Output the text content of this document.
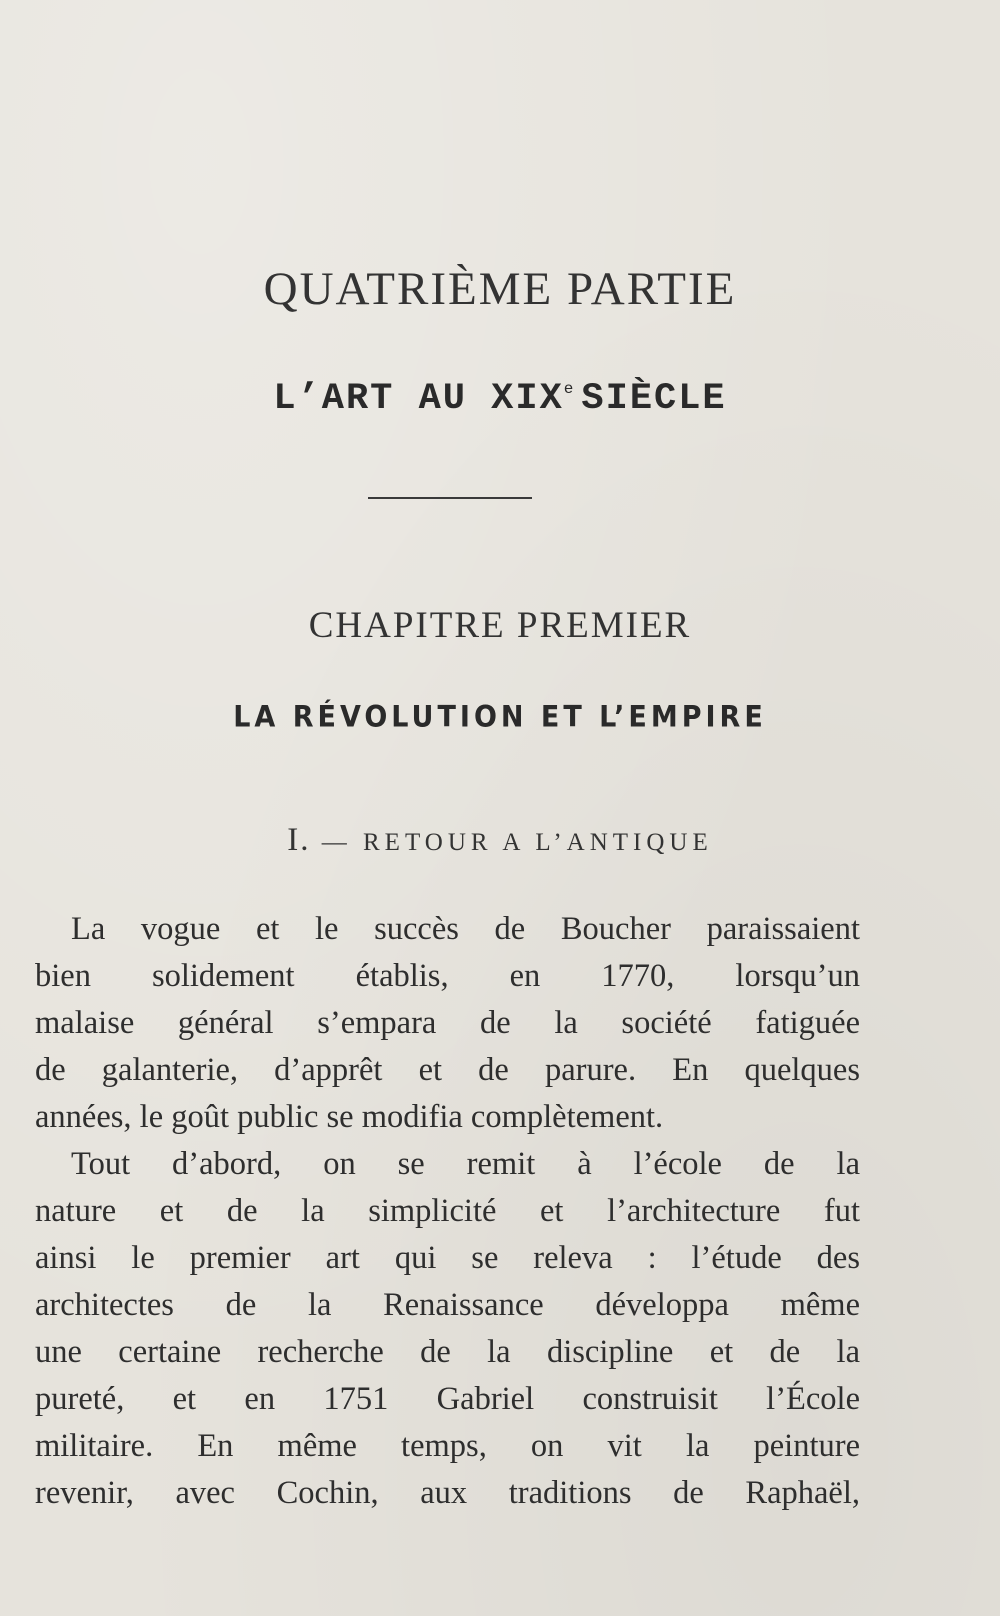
QUATRIÈME PARTIE
L’ART AU XIXe SIÈCLE
CHAPITRE PREMIER
LA RÉVOLUTION ET L’EMPIRE
I. — RETOUR A L’ANTIQUE
La vogue et le succès de Boucher paraissaient
bien solidement établis, en 1770, lorsqu’un
malaise général s’empara de la société fatiguée
de galanterie, d’apprêt et de parure. En quelques
années, le goût public se modifia complètement.
Tout d’abord, on se remit à l’école de la
nature et de la simplicité et l’architecture fut
ainsi le premier art qui se releva : l’étude des
architectes de la Renaissance développa même
une certaine recherche de la discipline et de la
pureté, et en 1751 Gabriel construisit l’École
militaire. En même temps, on vit la peinture
revenir, avec Cochin, aux traditions de Raphaël,
